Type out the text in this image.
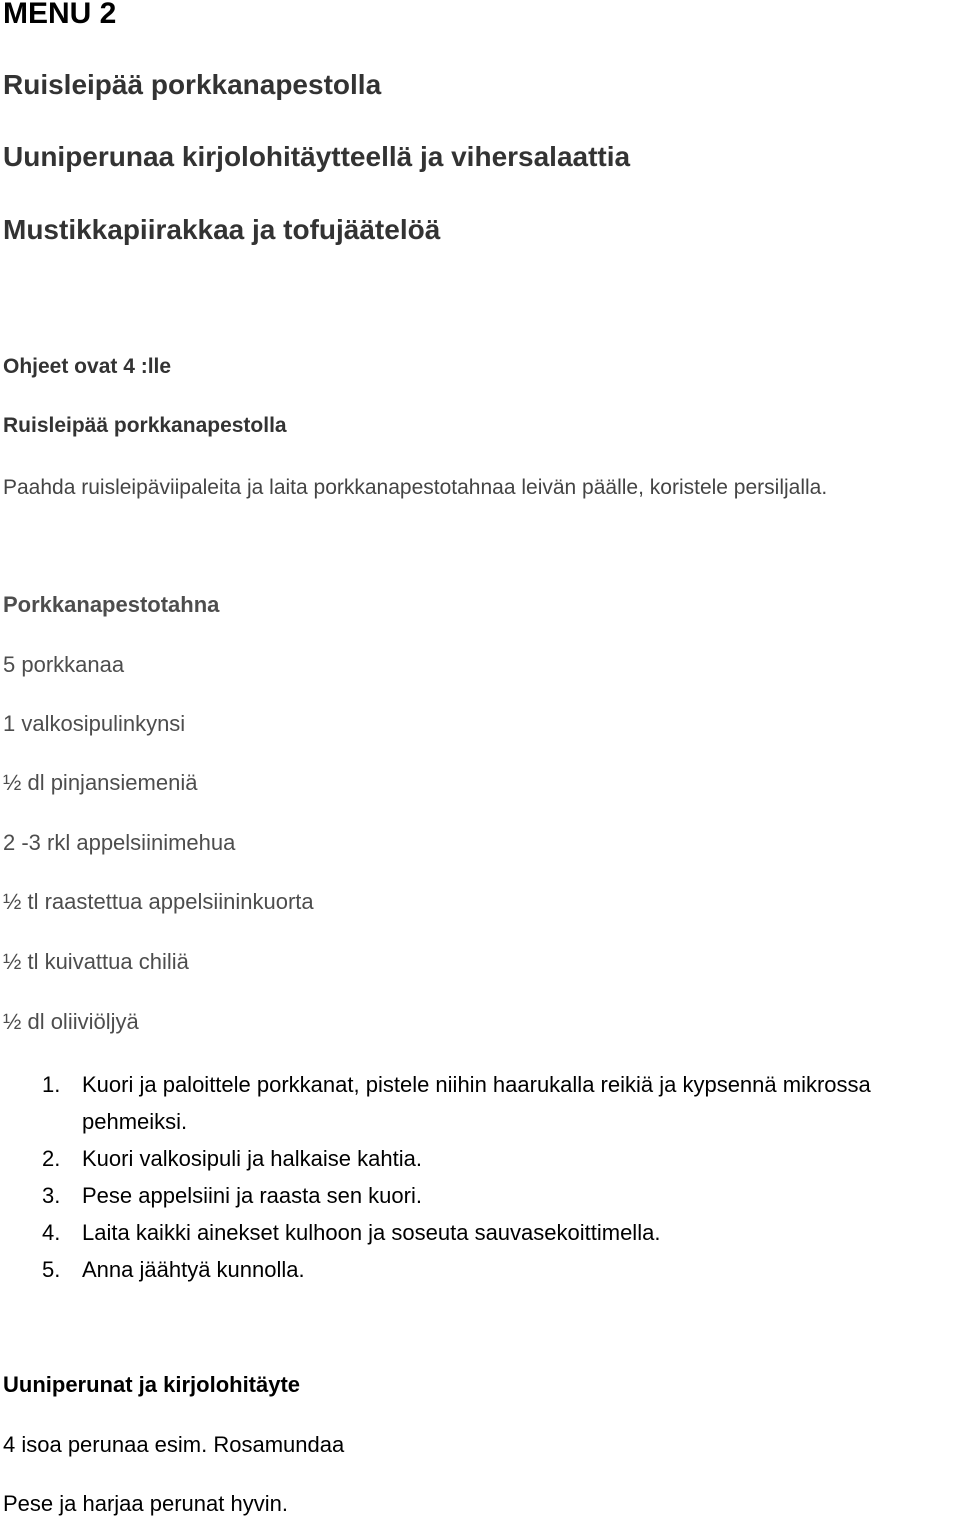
MENU 2
Ruisleipää porkkanapestolla
Uuniperunaa kirjolohitäytteellä ja vihersalaattia
Mustikkapiirakkaa ja tofujäätelöä

Ohjeet ovat 4 :lle

Ruisleipää porkkanapestolla

Paahda ruisleipäviipaleita ja laita porkkanapestotahnaa leivän päälle, koristele persiljalla.

Porkkanapestotahna

5 porkkanaa

1 valkosipulinkynsi

½ dl pinjansiemeniä

2 -3 rkl appelsiinimehua

½ tl raastettua appelsiininkuorta

½ tl kuivattua chiliä

½ dl oliiviöljyä

1. Kuori ja paloittele porkkanat, pistele niihin haarukalla reikiä ja kypsennä mikrossa pehmeiksi.
2. Kuori valkosipuli ja halkaise kahtia.
3. Pese appelsiini ja raasta sen kuori.
4. Laita kaikki ainekset kulhoon ja soseuta sauvasekoittimella.
5. Anna jäähtyä kunnolla.

Uuniperunat ja kirjolohitäyte

4 isoa perunaa esim. Rosamundaa

Pese ja harjaa perunat hyvin.
